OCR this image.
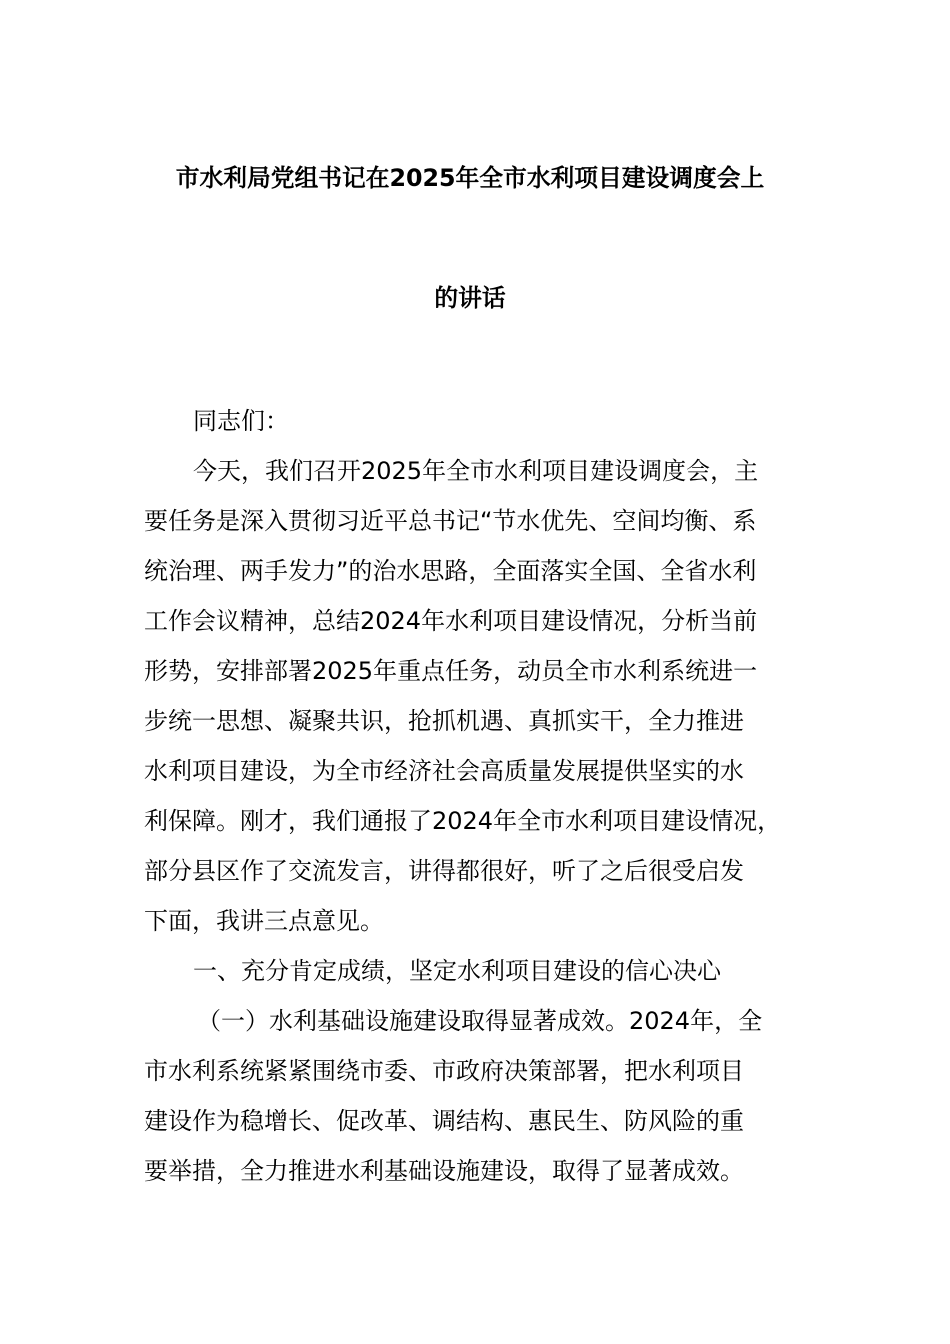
市水利局党组书记在2025年全市水利项目建设调度会上
的讲话
同志们：
今天，我们召开2025年全市水利项目建设调度会，主
要任务是深入贯彻习近平总书记“节水优先、空间均衡、系
统治理、两手发力”的治水思路，全面落实全国、全省水利
工作会议精神，总结2024年水利项目建设情况，分析当前
形势，安排部署2025年重点任务，动员全市水利系统进一
步统一思想、凝聚共识，抢抓机遇、真抓实干，全力推进
水利项目建设，为全市经济社会高质量发展提供坚实的水
利保障。刚才，我们通报了2024年全市水利项目建设情况，
部分县区作了交流发言，讲得都很好，听了之后很受启发
下面，我讲三点意见。
一、充分肯定成绩，坚定水利项目建设的信心决心
（一）水利基础设施建设取得显著成效。2024年，全
市水利系统紧紧围绕市委、市政府决策部署，把水利项目
建设作为稳增长、促改革、调结构、惠民生、防风险的重
要举措，全力推进水利基础设施建设，取得了显著成效。
